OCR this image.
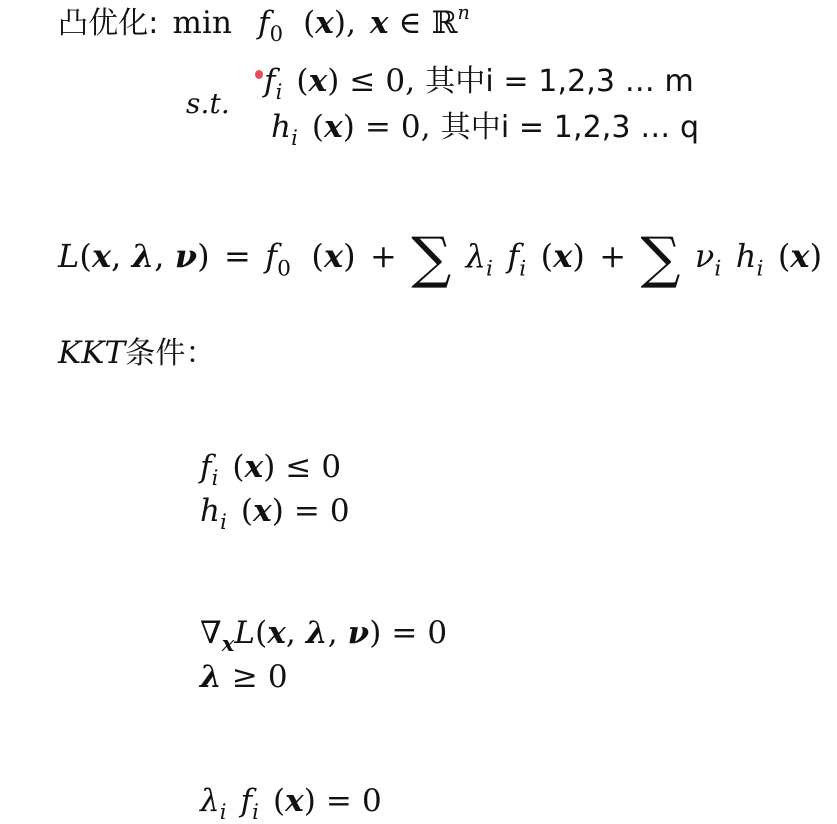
凸优化: $\min f_0$ (x), x ∈ ℝ$^n$
s.t.
$f_i$ (x) ≤ 0, 其中i = 1,2,3 … m
$h_i$ (x) = 0, 其中i = 1,2,3 … q
L(x, λ, $\nu) = f_0$ (x) + ∑ $\lambda_i$ $f_i$ (x) + ∑ $\nu_i$ $h_i$ (x)
KKT条件：
$f_i$ (x) ≤ 0
$h_i$ (x) = 0
$\nabla_xL(x$, λ, ν) = 0
λ ≥ 0
$\lambda_i$ $f_i$ (x) = 0
